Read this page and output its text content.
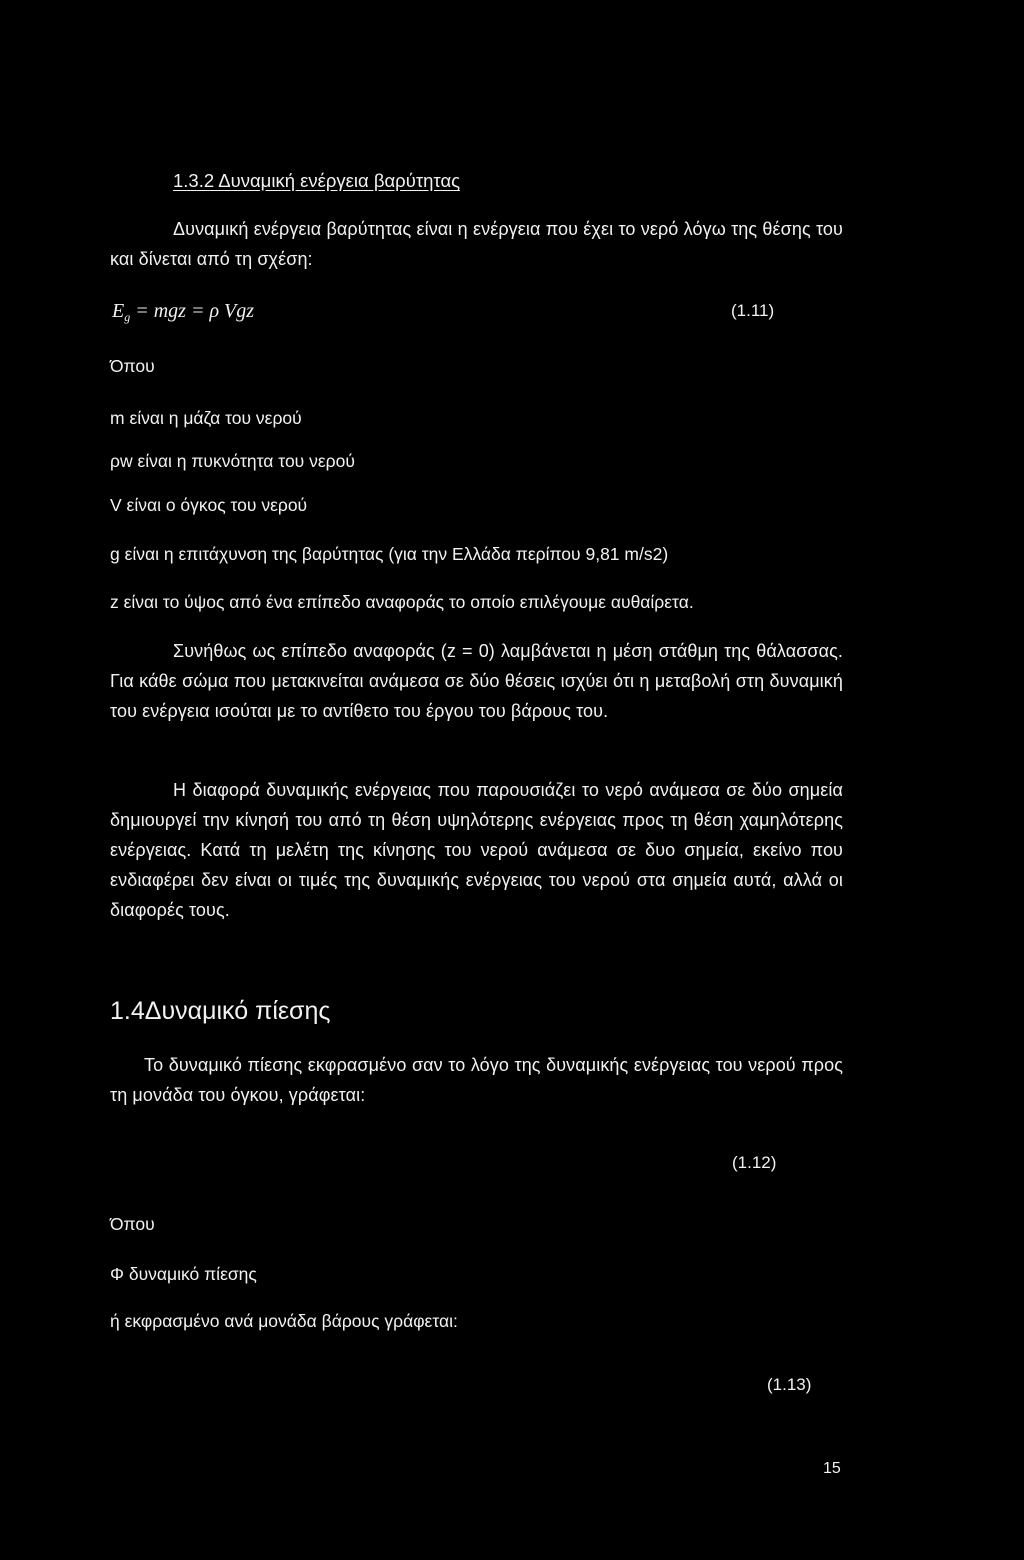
1.3.2 Δυναμική ενέργεια βαρύτητας
Δυναμική ενέργεια βαρύτητας είναι η ενέργεια που έχει το νερό λόγω της θέσης του και δίνεται από τη σχέση:
$E_g$ = mgz = ρ Vgz	(1.11)
Όπου
m είναι η μάζα του νερού
ρw είναι η πυκνότητα του νερού
V είναι ο όγκος του νερού
g είναι η επιτάχυνση της βαρύτητας (για την Ελλάδα περίπου 9,81 m/s2)
z είναι το ύψος από ένα επίπεδο αναφοράς το οποίο επιλέγουμε αυθαίρετα.
Συνήθως ως επίπεδο αναφοράς (z = 0) λαμβάνεται η μέση στάθμη της θάλασσας. Για κάθε σώμα που μετακινείται ανάμεσα σε δύο θέσεις ισχύει ότι η μεταβολή στη δυναμική του ενέργεια ισούται με το αντίθετο του έργου του βάρους του.
Η διαφορά δυναμικής ενέργειας που παρουσιάζει το νερό ανάμεσα σε δύο σημεία δημιουργεί την κίνησή του από τη θέση υψηλότερης ενέργειας προς τη θέση χαμηλότερης ενέργειας. Κατά τη μελέτη της κίνησης του νερού ανάμεσα σε δυο σημεία, εκείνο που ενδιαφέρει δεν είναι οι τιμές της δυναμικής ενέργειας του νερού στα σημεία αυτά, αλλά οι διαφορές τους.
1.4Δυναμικό πίεσης
Το δυναμικό πίεσης εκφρασμένο σαν το λόγο της δυναμικής ενέργειας του νερού προς τη μονάδα του όγκου, γράφεται:
(1.12)
Όπου
Φ δυναμικό πίεσης
ή εκφρασμένο ανά μονάδα βάρους γράφεται:
(1.13)
15
